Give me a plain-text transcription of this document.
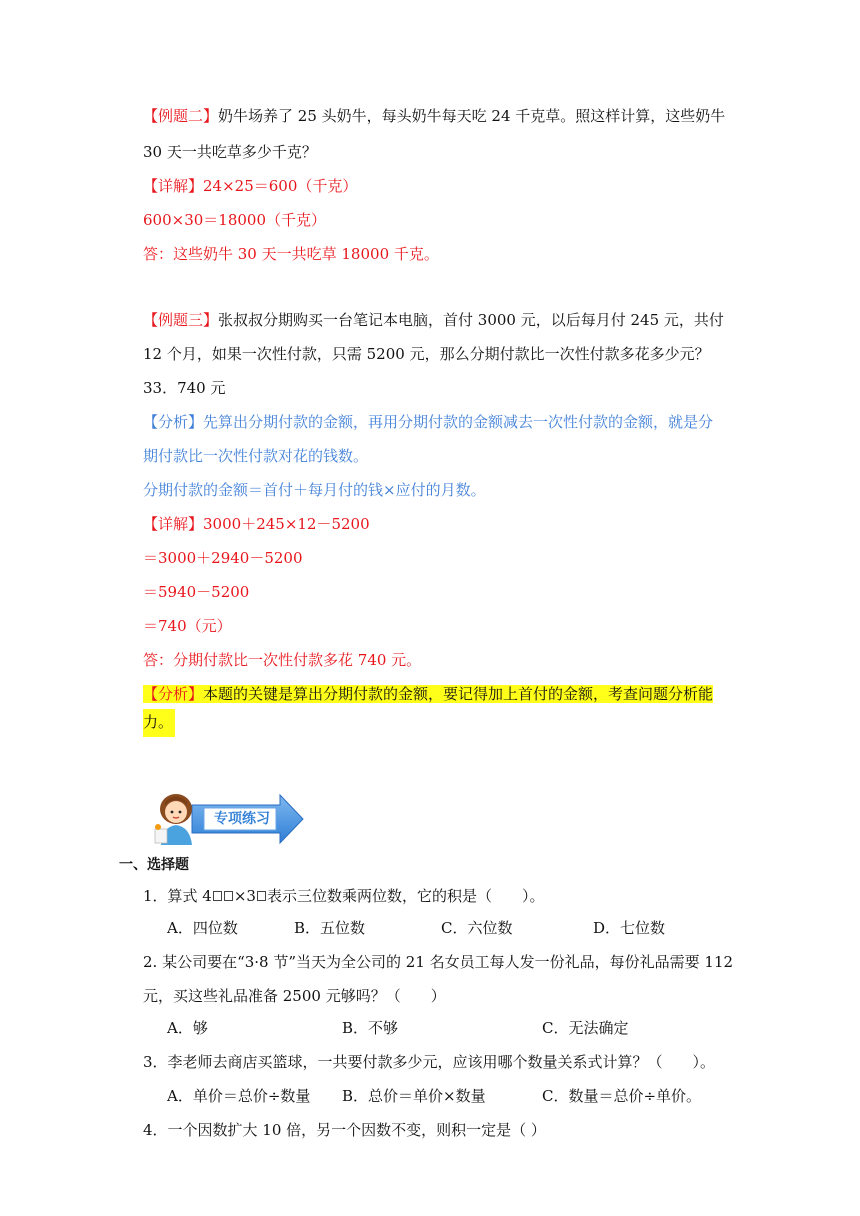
【例题二】奶牛场养了 25 头奶牛，每头奶牛每天吃 24 千克草。照这样计算，这些奶牛
30 天一共吃草多少千克？
【详解】24×25＝600（千克）
600×30＝18000（千克）
答：这些奶牛 30 天一共吃草 18000 千克。
【例题三】张叔叔分期购买一台笔记本电脑，首付 3000 元，以后每月付 245 元，共付
12 个月，如果一次性付款，只需 5200 元，那么分期付款比一次性付款多花多少元？
33．740 元
【分析】先算出分期付款的金额，再用分期付款的金额减去一次性付款的金额，就是分
期付款比一次性付款对花的钱数。
分期付款的金额＝首付＋每月付的钱×应付的月数。
【详解】3000＋245×12－5200
＝3000＋2940－5200
＝5940－5200
＝740（元）
答：分期付款比一次性付款多花 740 元。
【分析】本题的关键是算出分期付款的金额，要记得加上首付的金额，考查问题分析能
力。
专项练习
一、选择题
1．算式 4 ×3 表示三位数乘两位数，它的积是（　　）。
A．四位数	B．五位数	C．六位数	D．七位数
2. 某公司要在“3·8 节”当天为全公司的 21 名女员工每人发一份礼品，每份礼品需要 112
元，买这些礼品准备 2500 元够吗？（　　）
A．够	B．不够	C．无法确定
3．李老师去商店买篮球，一共要付款多少元，应该用哪个数量关系式计算？（　　）。
A．单价＝总价÷数量 B．总价＝单价×数量	C．数量＝总价÷单价。
4．一个因数扩大 10 倍，另一个因数不变，则积一定是（ ）
